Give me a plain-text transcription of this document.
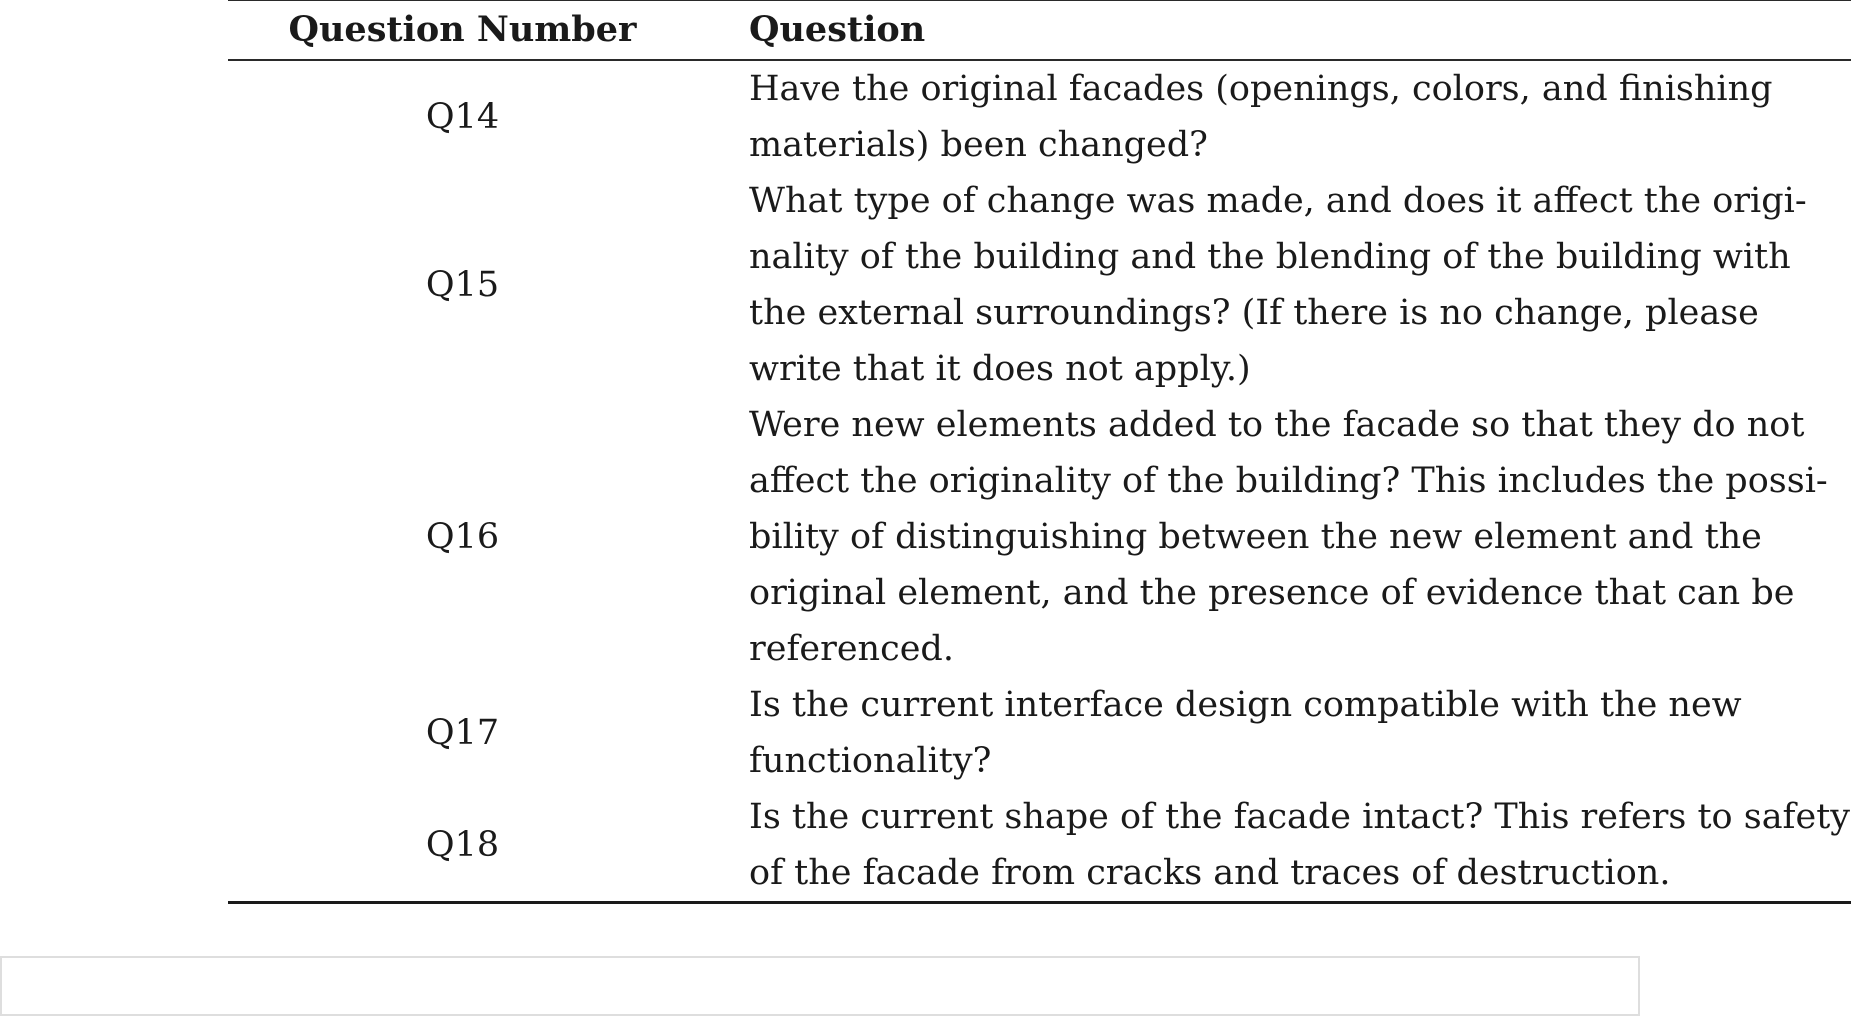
Question Number	Question
Q14	Have the original facades (openings, colors, and finishing
materials) been changed?
Q15	What type of change was made, and does it affect the origi-
nality of the building and the blending of the building with
the external surroundings? (If there is no change, please
write that it does not apply.)
Q16	Were new elements added to the facade so that they do not
affect the originality of the building? This includes the possi-
bility of distinguishing between the new element and the
original element, and the presence of evidence that can be
referenced.
Q17	Is the current interface design compatible with the new
functionality?
Q18	Is the current shape of the facade intact? This refers to safety
of the facade from cracks and traces of destruction.
